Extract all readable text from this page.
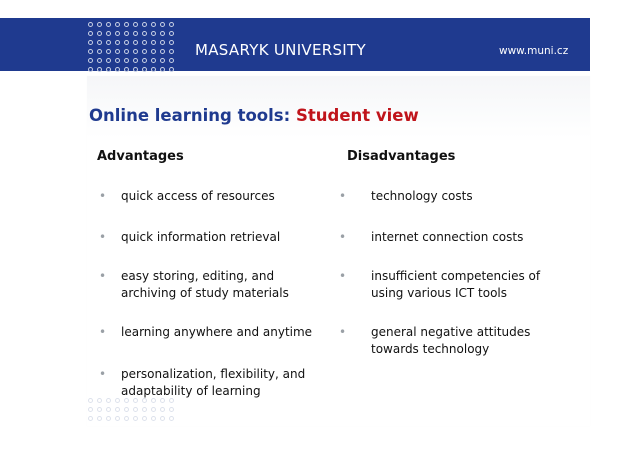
MASARYK UNIVERSITY	www.muni.cz
Online learning tools: Student view
Advantages	Disadvantages
• quick access of resources
• quick information retrieval
• easy storing, editing, and archiving of study materials
• learning anywhere and anytime
• personalization, flexibility, and adaptability of learning
• technology costs
• internet connection costs
• insufficient competencies of using various ICT tools
• general negative attitudes towards technology
